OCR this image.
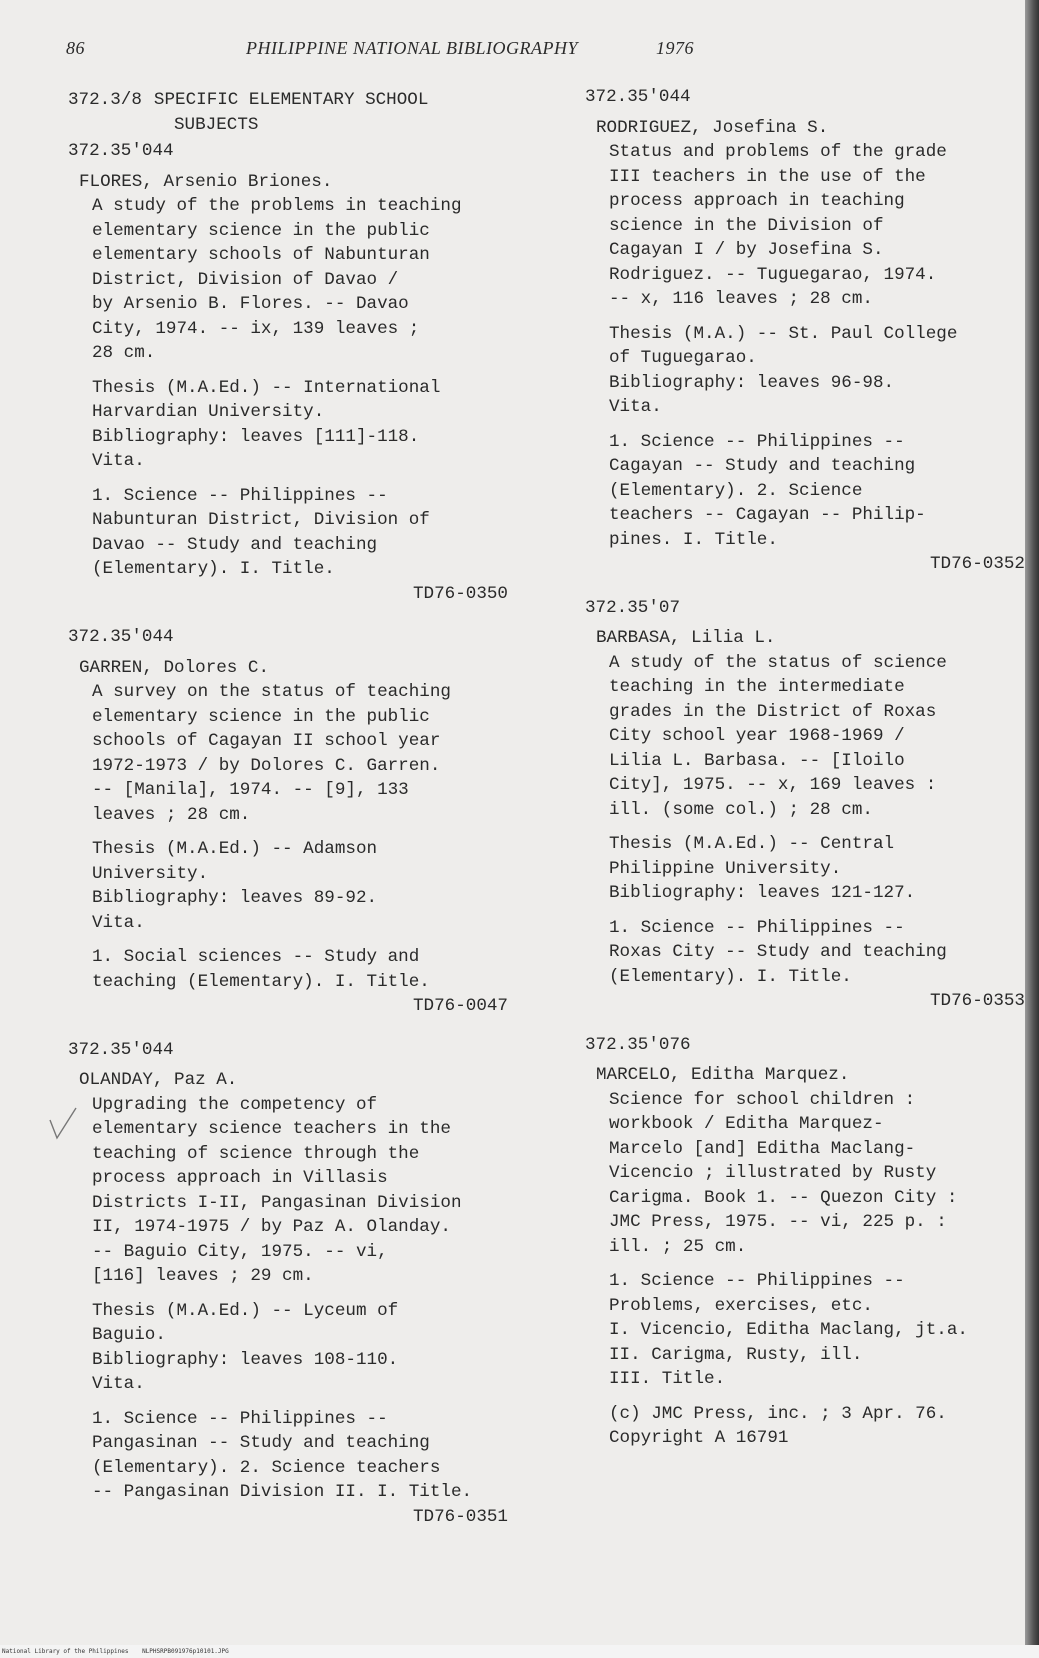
86	PHILIPPINE NATIONAL BIBLIOGRAPHY	1976
372.3/8 SPECIFIC ELEMENTARY SCHOOL
SUBJECTS
372.35'044
FLORES, Arsenio Briones.
A study of the problems in teaching
elementary science in the public
elementary schools of Nabunturan
District, Division of Davao /
by Arsenio B. Flores. -- Davao
City, 1974. -- ix, 139 leaves ;
28 cm.
Thesis (M.A.Ed.) -- International
Harvardian University.
Bibliography: leaves [111]-118.
Vita.
1. Science -- Philippines --
Nabunturan District, Division of
Davao -- Study and teaching
(Elementary). I. Title.
TD76-0350
372.35'044
GARREN, Dolores C.
A survey on the status of teaching
elementary science in the public
schools of Cagayan II school year
1972-1973 / by Dolores C. Garren.
-- [Manila], 1974. -- [9], 133
leaves ; 28 cm.
Thesis (M.A.Ed.) -- Adamson
University.
Bibliography: leaves 89-92.
Vita.
1. Social sciences -- Study and
teaching (Elementary). I. Title.
TD76-0047
372.35'044
OLANDAY, Paz A.
Upgrading the competency of
elementary science teachers in the
teaching of science through the
process approach in Villasis
Districts I-II, Pangasinan Division
II, 1974-1975 / by Paz A. Olanday.
-- Baguio City, 1975. -- vi,
[116] leaves ; 29 cm.
Thesis (M.A.Ed.) -- Lyceum of
Baguio.
Bibliography: leaves 108-110.
Vita.
1. Science -- Philippines --
Pangasinan -- Study and teaching
(Elementary). 2. Science teachers
-- Pangasinan Division II. I. Title.
TD76-0351
372.35'044
RODRIGUEZ, Josefina S.
Status and problems of the grade
III teachers in the use of the
process approach in teaching
science in the Division of
Cagayan I / by Josefina S.
Rodriguez. -- Tuguegarao, 1974.
-- x, 116 leaves ; 28 cm.
Thesis (M.A.) -- St. Paul College
of Tuguegarao.
Bibliography: leaves 96-98.
Vita.
1. Science -- Philippines --
Cagayan -- Study and teaching
(Elementary). 2. Science
teachers -- Cagayan -- Philip-
pines. I. Title.
TD76-0352
372.35'07
BARBASA, Lilia L.
A study of the status of science
teaching in the intermediate
grades in the District of Roxas
City school year 1968-1969 /
Lilia L. Barbasa. -- [Iloilo
City], 1975. -- x, 169 leaves :
ill. (some col.) ; 28 cm.
Thesis (M.A.Ed.) -- Central
Philippine University.
Bibliography: leaves 121-127.
1. Science -- Philippines --
Roxas City -- Study and teaching
(Elementary). I. Title.
TD76-0353
372.35'076
MARCELO, Editha Marquez.
Science for school children :
workbook / Editha Marquez-
Marcelo [and] Editha Maclang-
Vicencio ; illustrated by Rusty
Carigma. Book 1. -- Quezon City :
JMC Press, 1975. -- vi, 225 p. :
ill. ; 25 cm.
1. Science -- Philippines --
Problems, exercises, etc.
I. Vicencio, Editha Maclang, jt.a.
II. Carigma, Rusty, ill.
III. Title.
(c) JMC Press, inc. ; 3 Apr. 76.
Copyright A 16791
National Library of the Philippines NLPHSRPB091976p10101.JPG
